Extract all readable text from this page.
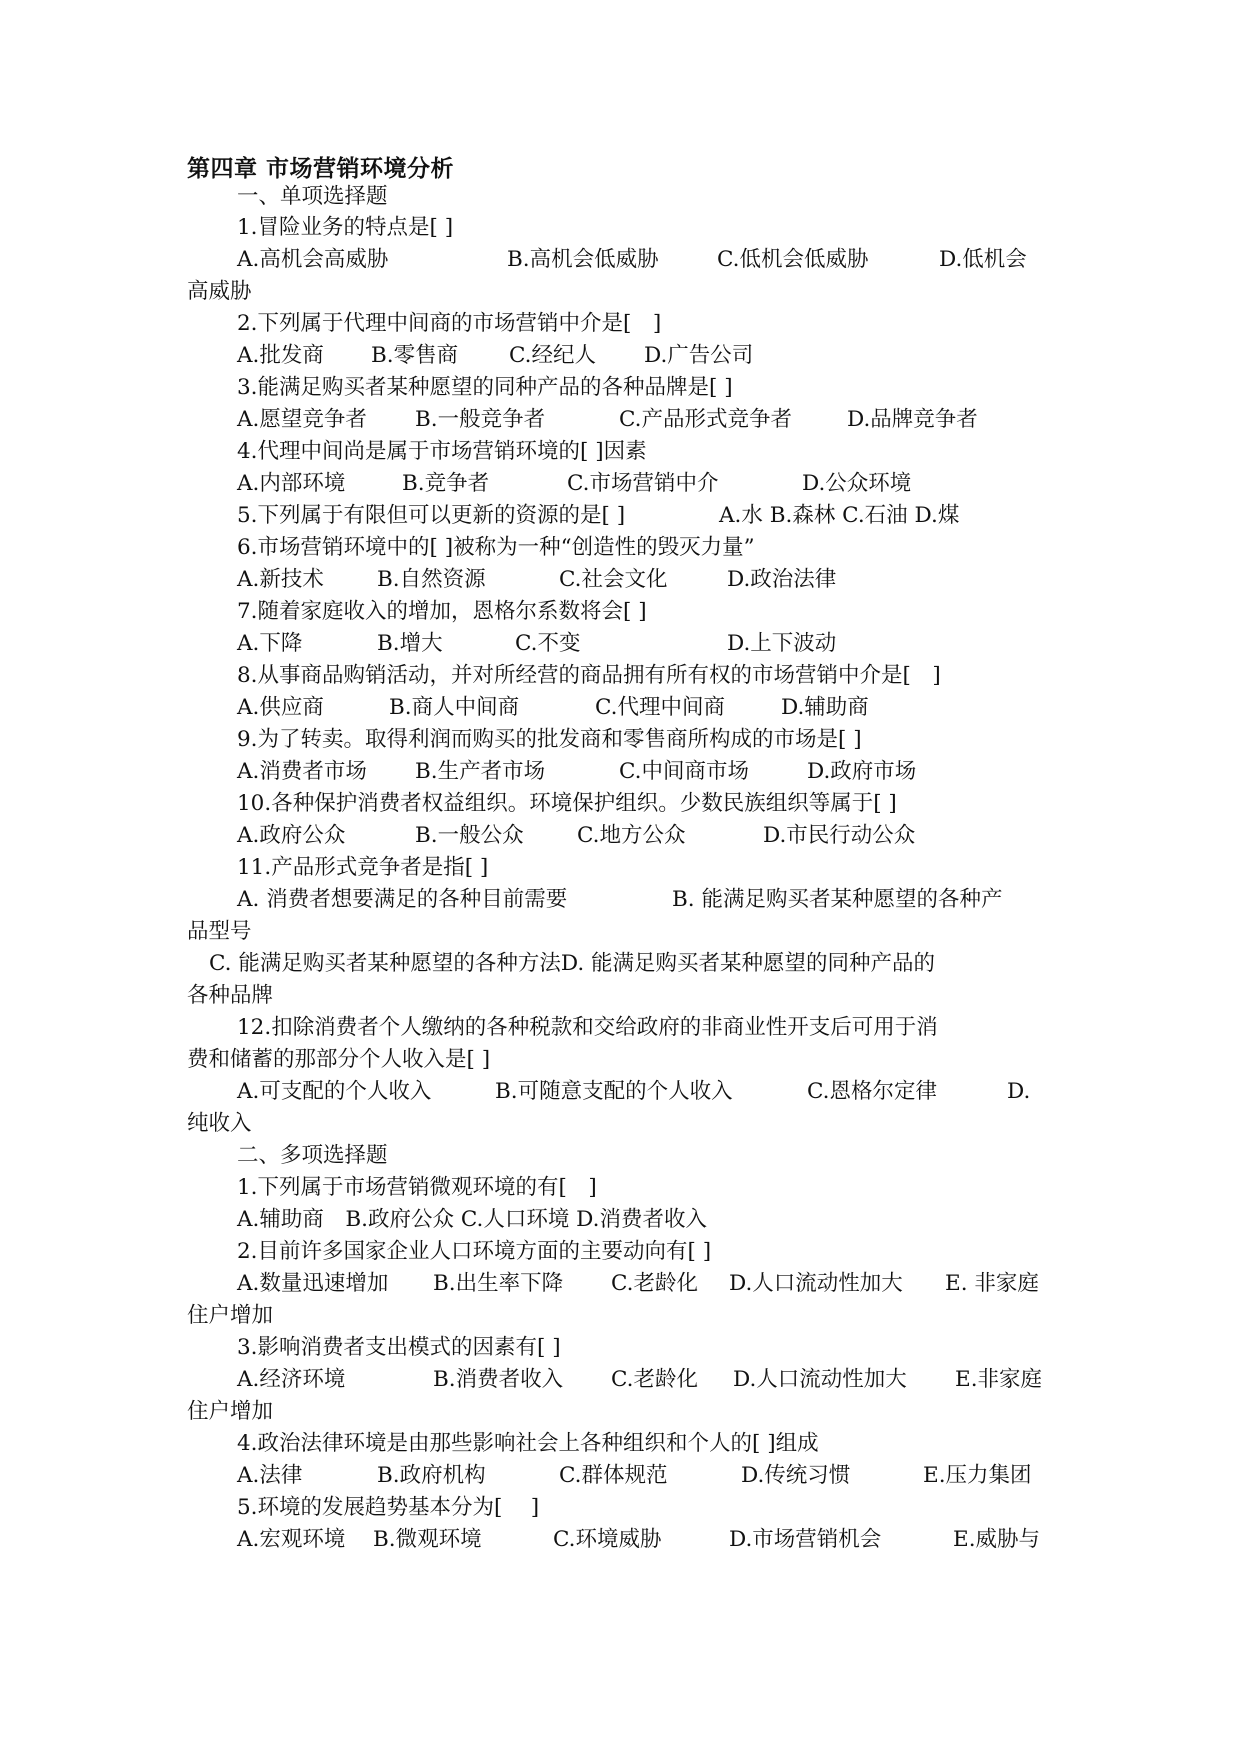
第四章 市场营销环境分析
一、单项选择题
1.冒险业务的特点是[ ]
A.高机会高威胁	B.高机会低威胁	C.低机会低威胁	D.低机会
高威胁
2.下列属于代理中间商的市场营销中介是[　]
A.批发商 B.零售商 C.经纪人 D.广告公司
3.能满足购买者某种愿望的同种产品的各种品牌是[ ]
A.愿望竞争者 B.一般竞争者	C.产品形式竞争者	D.品牌竞争者
4.代理中间尚是属于市场营销环境的[ ]因素
A.内部环境	B.竞争者	C.市场营销中介	D.公众环境
5.下列属于有限但可以更新的资源的是[ ]	A.水 B.森林 C.石油 D.煤
6.市场营销环境中的[ ]被称为一种“创造性的毁灭力量”
A.新技术 B.自然资源	C.社会文化	D.政治法律
7.随着家庭收入的增加，恩格尔系数将会[ ]
A.下降	B.增大	C.不变	D.上下波动
8.从事商品购销活动，并对所经营的商品拥有所有权的市场营销中介是[　]
A.供应商	B.商人中间商	C.代理中间商	D.辅助商
9.为了转卖。取得利润而购买的批发商和零售商所构成的市场是[ ]
A.消费者市场 B.生产者市场	C.中间商市场	D.政府市场
10.各种保护消费者权益组织。环境保护组织。少数民族组织等属于[ ]
A.政府公众	B.一般公众 C.地方公众	D.市民行动公众
11.产品形式竞争者是指[ ]
A. 消费者想要满足的各种目前需要	B. 能满足购买者某种愿望的各种产
品型号
C. 能满足购买者某种愿望的各种方法D. 能满足购买者某种愿望的同种产品的
各种品牌
12.扣除消费者个人缴纳的各种税款和交给政府的非商业性开支后可用于消
费和储蓄的那部分个人收入是[ ]
A.可支配的个人收入	B.可随意支配的个人收入	C.恩格尔定律	D.
纯收入
二、多项选择题
1.下列属于市场营销微观环境的有[　]
A.辅助商　B.政府公众 C.人口环境 D.消费者收入
2.目前许多国家企业人口环境方面的主要动向有[ ]
A.数量迅速增加 B.出生率下降 C.老龄化 D.人口流动性加大 E. 非家庭
住户增加
3.影响消费者支出模式的因素有[ ]
A.经济环境	B.消费者收入 C.老龄化 D.人口流动性加大 E.非家庭
住户增加
4.政治法律环境是由那些影响社会上各种组织和个人的[ ]组成
A.法律	B.政府机构	C.群体规范	D.传统习惯	E.压力集团
5.环境的发展趋势基本分为[　 ]
A.宏观环境 B.微观环境	C.环境威胁	D.市场营销机会	E.威胁与
